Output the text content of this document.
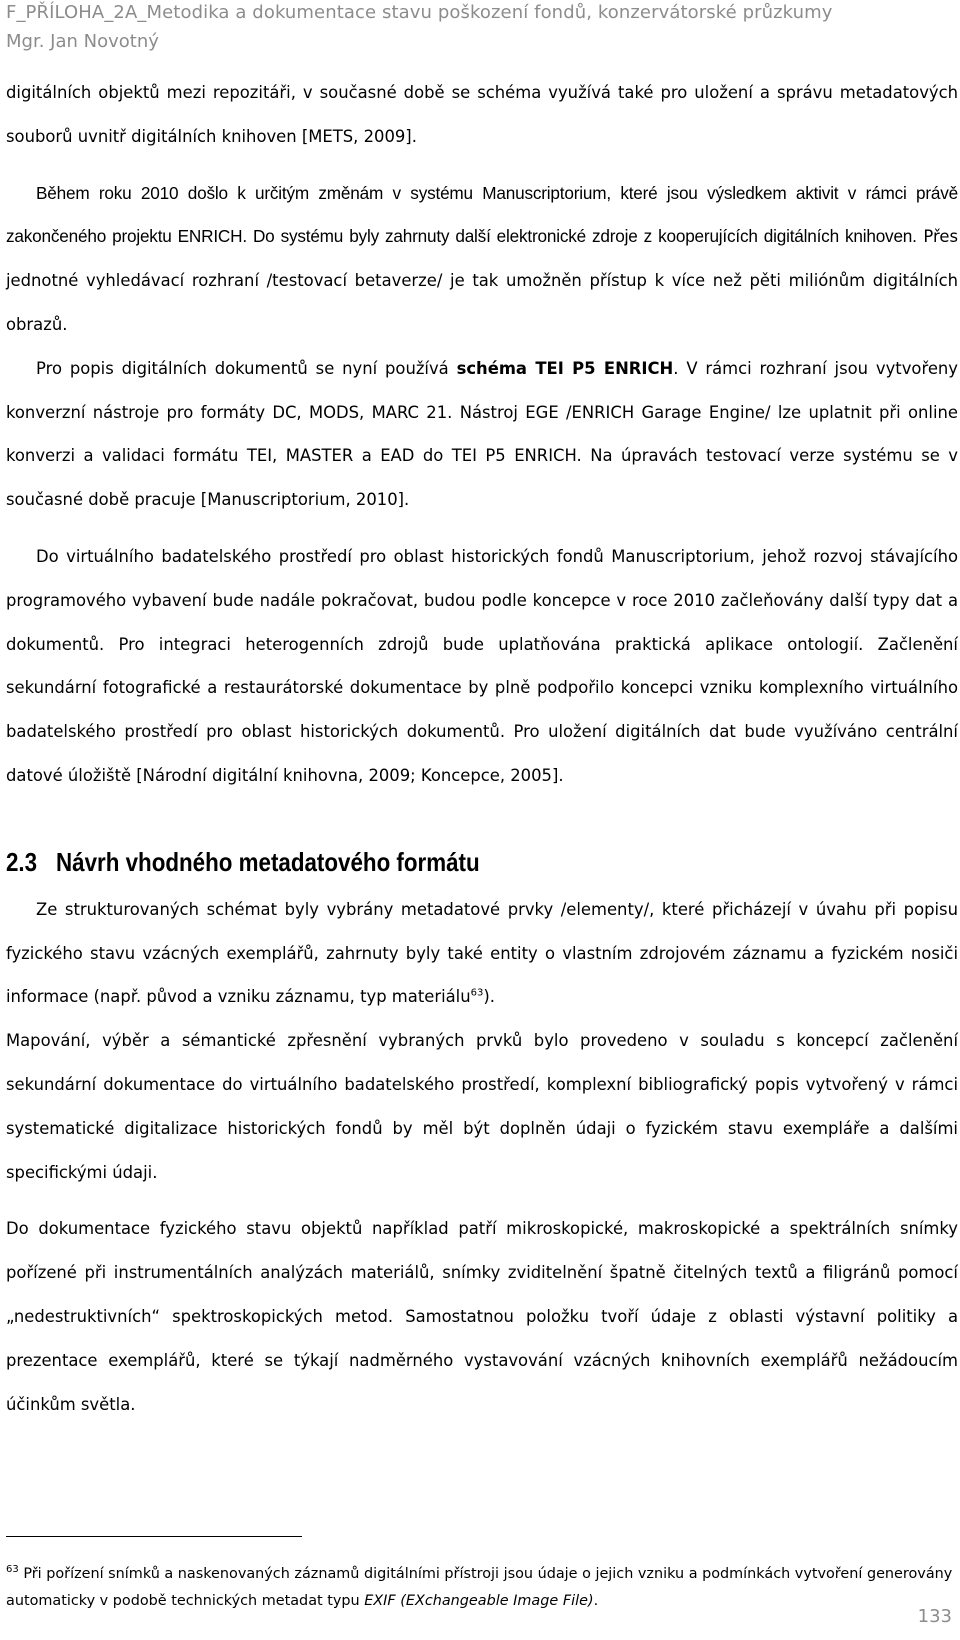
F_PŘÍLOHA_2A_Metodika a dokumentace stavu poškození fondů, konzervátorské průzkumy
Mgr. Jan Novotný

digitálních objektů mezi repozitáři, v současné době se schéma využívá také pro uložení a správu metadatových souborů uvnitř digitálních knihoven [METS, 2009].

Během roku 2010 došlo k určitým změnám v systému Manuscriptorium, které jsou výsledkem aktivit v rámci právě zakončeného projektu ENRICH. Do systému byly zahrnuty další elektronické zdroje z kooperujících digitálních knihoven. Přes jednotné vyhledávací rozhraní /testovací betaverze/ je tak umožněn přístup k více než pěti miliónům digitálních obrazů.

Pro popis digitálních dokumentů se nyní používá schéma TEI P5 ENRICH. V rámci rozhraní jsou vytvořeny konverzní nástroje pro formáty DC, MODS, MARC 21. Nástroj EGE /ENRICH Garage Engine/ lze uplatnit při online konverzi a validaci formátu TEI, MASTER a EAD do TEI P5 ENRICH. Na úpravách testovací verze systému se v současné době pracuje [Manuscriptorium, 2010].

Do virtuálního badatelského prostředí pro oblast historických fondů Manuscriptorium, jehož rozvoj stávajícího programového vybavení bude nadále pokračovat, budou podle koncepce v roce 2010 začleňovány další typy dat a dokumentů. Pro integraci heterogenních zdrojů bude uplatňována praktická aplikace ontologií. Začlenění sekundární fotografické a restaurátorské dokumentace by plně podpořilo koncepci vzniku komplexního virtuálního badatelského prostředí pro oblast historických dokumentů. Pro uložení digitálních dat bude využíváno centrální datové úložiště [Národní digitální knihovna, 2009; Koncepce, 2005].

2.3 Návrh vhodného metadatového formátu

Ze strukturovaných schémat byly vybrány metadatové prvky /elementy/, které přicházejí v úvahu při popisu fyzického stavu vzácných exemplářů, zahrnuty byly také entity o vlastním zdrojovém záznamu a fyzickém nosiči informace (např. původ a vzniku záznamu, typ materiálu$^{63}$).

Mapování, výběr a sémantické zpřesnění vybraných prvků bylo provedeno v souladu s koncepcí začlenění sekundární dokumentace do virtuálního badatelského prostředí, komplexní bibliografický popis vytvořený v rámci systematické digitalizace historických fondů by měl být doplněn údaji o fyzickém stavu exempláře a dalšími specifickými údaji.

Do dokumentace fyzického stavu objektů například patří mikroskopické, makroskopické a spektrálních snímky pořízené při instrumentálních analýzách materiálů, snímky zviditelnění špatně čitelných textů a filigránů pomocí „nedestruktivních“ spektroskopických metod. Samostatnou položku tvoří údaje z oblasti výstavní politiky a prezentace exemplářů, které se týkají nadměrného vystavování vzácných knihovních exemplářů nežádoucím účinkům světla.

$^{63}$ Při pořízení snímků a naskenovaných záznamů digitálními přístroji jsou údaje o jejich vzniku a podmínkách vytvoření generovány automaticky v podobě technických metadat typu EXIF (EXchangeable Image File).
133
